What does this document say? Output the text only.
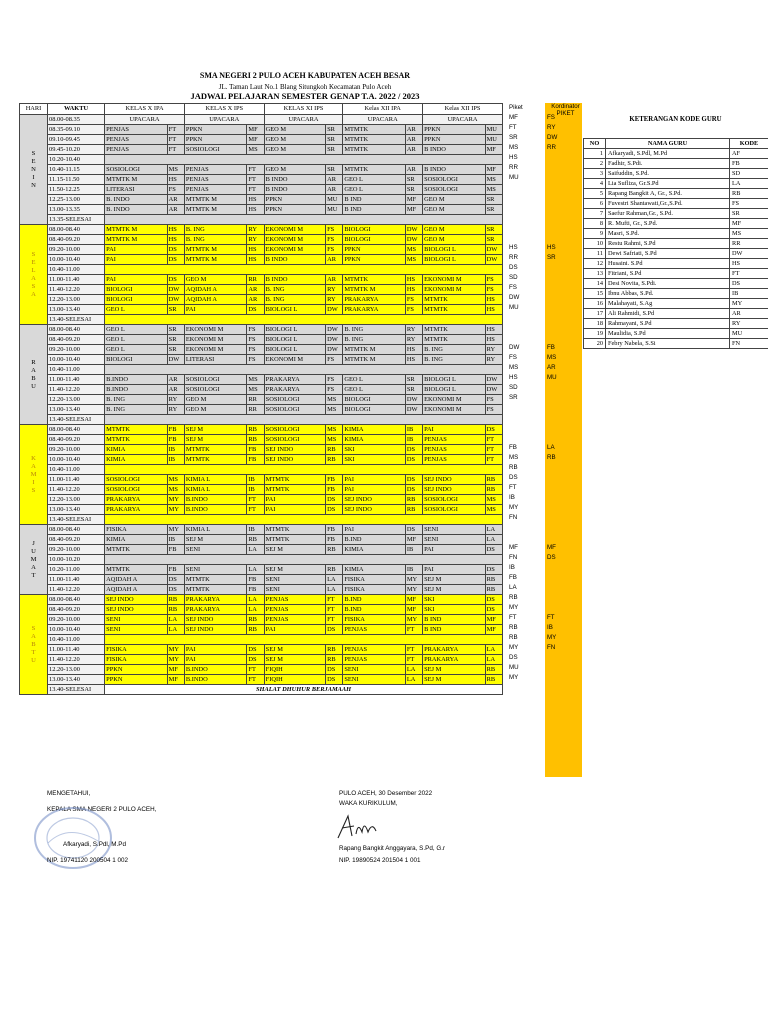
SMA NEGERI 2 PULO ACEH KABUPATEN ACEH BESAR
JL. Taman Laut No.1 Blang Situngkoh Kecamatan Pulo Aceh
JADWAL PELAJARAN SEMESTER GENAP T.A. 2022 / 2023
HARI	WAKTU	KELAS X IPA		KELAS X IPS		KELAS XI IPS		Kelas XII IPA		Kelas XII IPS	
S E N I N	08.00-08.35	UPACARA		UPACARA		UPACARA		UPACARA		UPACARA	
	08.35-09.10	PENJAS	FT	PPKN	MF	GEO M	SR	MTMTK	AR	PPKN	MU
	09.10-09.45	PENJAS	FT	PPKN	MF	GEO M	SR	MTMTK	AR	PPKN	MU
	09.45-10.20	PENJAS	FT	SOSIOLOGI	MS	GEO M	SR	MTMTK	AR	B INDO	MF
	10.20-10.40										
	10.40-11.15	SOSIOLOGI	MS	PENJAS	FT	GEO M	SR	MTMTK	AR	B INDO	MF
	11.15-11.50	MTMTK M	HS	PENJAS	FT	B INDO	AR	GEO L	SR	SOSIOLOGI	MS
	11.50-12.25	LITERASI	FS	PENJAS	FT	B INDO	AR	GEO L	SR	SOSIOLOGI	MS
	12.25-13.00	B. INDO	AR	MTMTK M	HS	PPKN	MU	B IND	MF	GEO M	SR
	13.00-13.35	B. INDO	AR	MTMTK M	HS	PPKN	MU	B IND	MF	GEO M	SR
	13.35-SELESAI										
S E L A S A	08.00-08.40	MTMTK M	HS	B. ING	RY	EKONOMI M	FS	BIOLOGI	DW	GEO M	SR
	08.40-09.20	MTMTK M	HS	B. ING	RY	EKONOMI M	FS	BIOLOGI	DW	GEO M	SR
	09.20-10.00	PAI	DS	MTMTK M	HS	EKONOMI M	FS	PPKN	MS	BIOLOGI L	DW
	10.00-10.40	PAI	DS	MTMTK M	HS	B INDO	AR	PPKN	MS	BIOLOGI L	DW
	10.40-11.00										
	11.00-11.40	PAI	DS	GEO M	RR	B INDO	AR	MTMTK	HS	EKONOMI M	FS
	11.40-12.20	BIOLOGI	DW	AQIDAH A	AR	B. ING	RY	MTMTK M	HS	EKONOMI M	FS
	12.20-13.00	BIOLOGI	DW	AQIDAH A	AR	B. ING	RY	PRAKARYA	FS	MTMTK	HS
	13.00-13.40	GEO L	SR	PAI	DS	BIOLOGI L	DW	PRAKARYA	FS	MTMTK	HS
	13.40-SELESAI										
R A B U	08.00-08.40	GEO L	SR	EKONOMI M	FS	BIOLOGI L	DW	B. ING	RY	MTMTK	HS
	08.40-09.20	GEO L	SR	EKONOMI M	FS	BIOLOGI L	DW	B. ING	RY	MTMTK	HS
	09.20-10.00	GEO L	SR	EKONOMI M	FS	BIOLOGI L	DW	MTMTK M	HS	B. ING	RY
	10.00-10.40	BIOLOGI	DW	LITERASI	FS	EKONOMI M	FS	MTMTK M	HS	B. ING	RY
	10.40-11.00										
	11.00-11.40	B.INDO	AR	SOSIOLOGI	MS	PRAKARYA	FS	GEO L	SR	BIOLOGI L	DW
	11.40-12.20	B.INDO	AR	SOSIOLOGI	MS	PRAKARYA	FS	GEO L	SR	BIOLOGI L	DW
	12.20-13.00	B. ING	RY	GEO M	RR	SOSIOLOGI	MS	BIOLOGI	DW	EKONOMI M	FS
	13.00-13.40	B. ING	RY	GEO M	RR	SOSIOLOGI	MS	BIOLOGI	DW	EKONOMI M	FS
	13.40-SELESAI										
K A M I S	08.00-08.40	MTMTK	FB	SEJ M	RB	SOSIOLOGI	MS	KIMIA	IB	PAI	DS
	08.40-09.20	MTMTK	FB	SEJ M	RB	SOSIOLOGI	MS	KIMIA	IB	PENJAS	FT
	09.20-10.00	KIMIA	IB	MTMTK	FB	SEJ INDO	RB	SKI	DS	PENJAS	FT
	10.00-10.40	KIMIA	IB	MTMTK	FB	SEJ INDO	RB	SKI	DS	PENJAS	FT
	10.40-11.00										
	11.00-11.40	SOSIOLOGI	MS	KIMIA L	IB	MTMTK	FB	PAI	DS	SEJ INDO	RB
	11.40-12.20	SOSIOLOGI	MS	KIMIA L	IB	MTMTK	FB	PAI	DS	SEJ INDO	RB
	12.20-13.00	PRAKARYA	MY	B.INDO	FT	PAI	DS	SEJ INDO	RB	SOSIOLOGI	MS
	13.00-13.40	PRAKARYA	MY	B.INDO	FT	PAI	DS	SEJ INDO	RB	SOSIOLOGI	MS
	13.40-SELESAI										
J U M A T	08.00-08.40	FISIKA	MY	KIMIA L	IB	MTMTK	FB	PAI	DS	SENI	LA
	08.40-09.20	KIMIA	IB	SEJ M	RB	MTMTK	FB	B.IND	MF	SENI	LA
	09.20-10.00	MTMTK	FB	SENI	LA	SEJ M	RB	KIMIA	IB	PAI	DS
	10.00-10.20										
	10.20-11.00	MTMTK	FB	SENI	LA	SEJ M	RB	KIMIA	IB	PAI	DS
	11.00-11.40	AQIDAH A	DS	MTMTK	FB	SENI	LA	FISIKA	MY	SEJ M	RB
	11.40-12.20	AQIDAH A	DS	MTMTK	FB	SENI	LA	FISIKA	MY	SEJ M	RB
S A B T U	08.00-08.40	SEJ INDO	RB	PRAKARYA	LA	PENJAS	FT	B.IND	MF	SKI	DS
	08.40-09.20	SEJ INDO	RB	PRAKARYA	LA	PENJAS	FT	B.IND	MF	SKI	DS
	09.20-10.00	SENI	LA	SEJ INDO	RB	PENJAS	FT	FISIKA	MY	B IND	MF
	10.00-10.40	SENI	LA	SEJ INDO	RB	PAI	DS	PENJAS	FT	B IND	MF
	10.40-11.00										
	11.00-11.40	FISIKA	MY	PAI	DS	SEJ M	RB	PENJAS	FT	PRAKARYA	LA
	11.40-12.20	FISIKA	MY	PAI	DS	SEJ M	RB	PENJAS	FT	PRAKARYA	LA
	12.20-13.00	PPKN	MF	B.INDO	FT	FIQIH	DS	SENI	LA	SEJ M	RB
	13.00-13.40	PPKN	MF	B.INDO	FT	FIQIH	DS	SENI	LA	SEJ M	RB
	13.40-SELESAI	SHALAT DHUHUR BERJAMAAH									
Piket	Kordinator PIKET
MF	FS
FT	RY
SR	DW
MS	RR
HS
RR
MU
HS	HS
RR	SR
DS
SD
FS
DW
MU
DW	FB
FS	MS
MS	AR
HS	MU
SD
SR
FB	LA
MS	RB
RB
DS
FT
IB
MY
FN
MF	MF
FN	DS
IB
FB
LA
RB
MY
FT	FT
RB	IB
RB	MY
MY	FN
DS
MU
MY
KETERANGAN KODE GURU
NO	NAMA GURU	KODE
1	Afkaryadi, S.Pdl, M.Pd	AF
2	Fadhir, S.Pdi.	FB
3	Saifuddin, S.Pd.	SD
4	Lia Sufliza, Gr.S.Pd	LA
5	Rapang Bangkit A, Gr., S.Pd.	RB
6	Fuvestri Shantawati,Gr.,S.Pd.	FS
7	Saefur Rahman,Gr., S.Pd.	SR
8	R. Mufti, Gr., S.Pd.	MF
9	Masri, S.Pd.	MS
10	Restu Rahmi, S.Pd	RR
11	Dewi Safriati, S.Pd	DW
12	Husaini. S.Pd	HS
13	Fitriani, S.Pd	FT
14	Desi Novita, S.Pdi.	DS
15	Ibnu Abbas, S.Pd.	IB
16	Malahayati, S.Ag	MY
17	Ali Rahmidi, S.Pd	AR
18	Rahmayani, S.Pd	RY
19	Maulidia, S.Pd	MU
20	Febry Nabela, S.Si	FN
MENGETAHUI,
KEPALA SMA NEGERI 2 PULO ACEH,
Afkaryadi, S.Pdl, M.Pd
NIP. 19741120 200504 1 002
PULO ACEH, 30 Desember 2022
WAKA KURIKULUM,
Rapang Bangkit Anggayara, S.Pd, G.r
NIP. 19890524 201504 1 001
